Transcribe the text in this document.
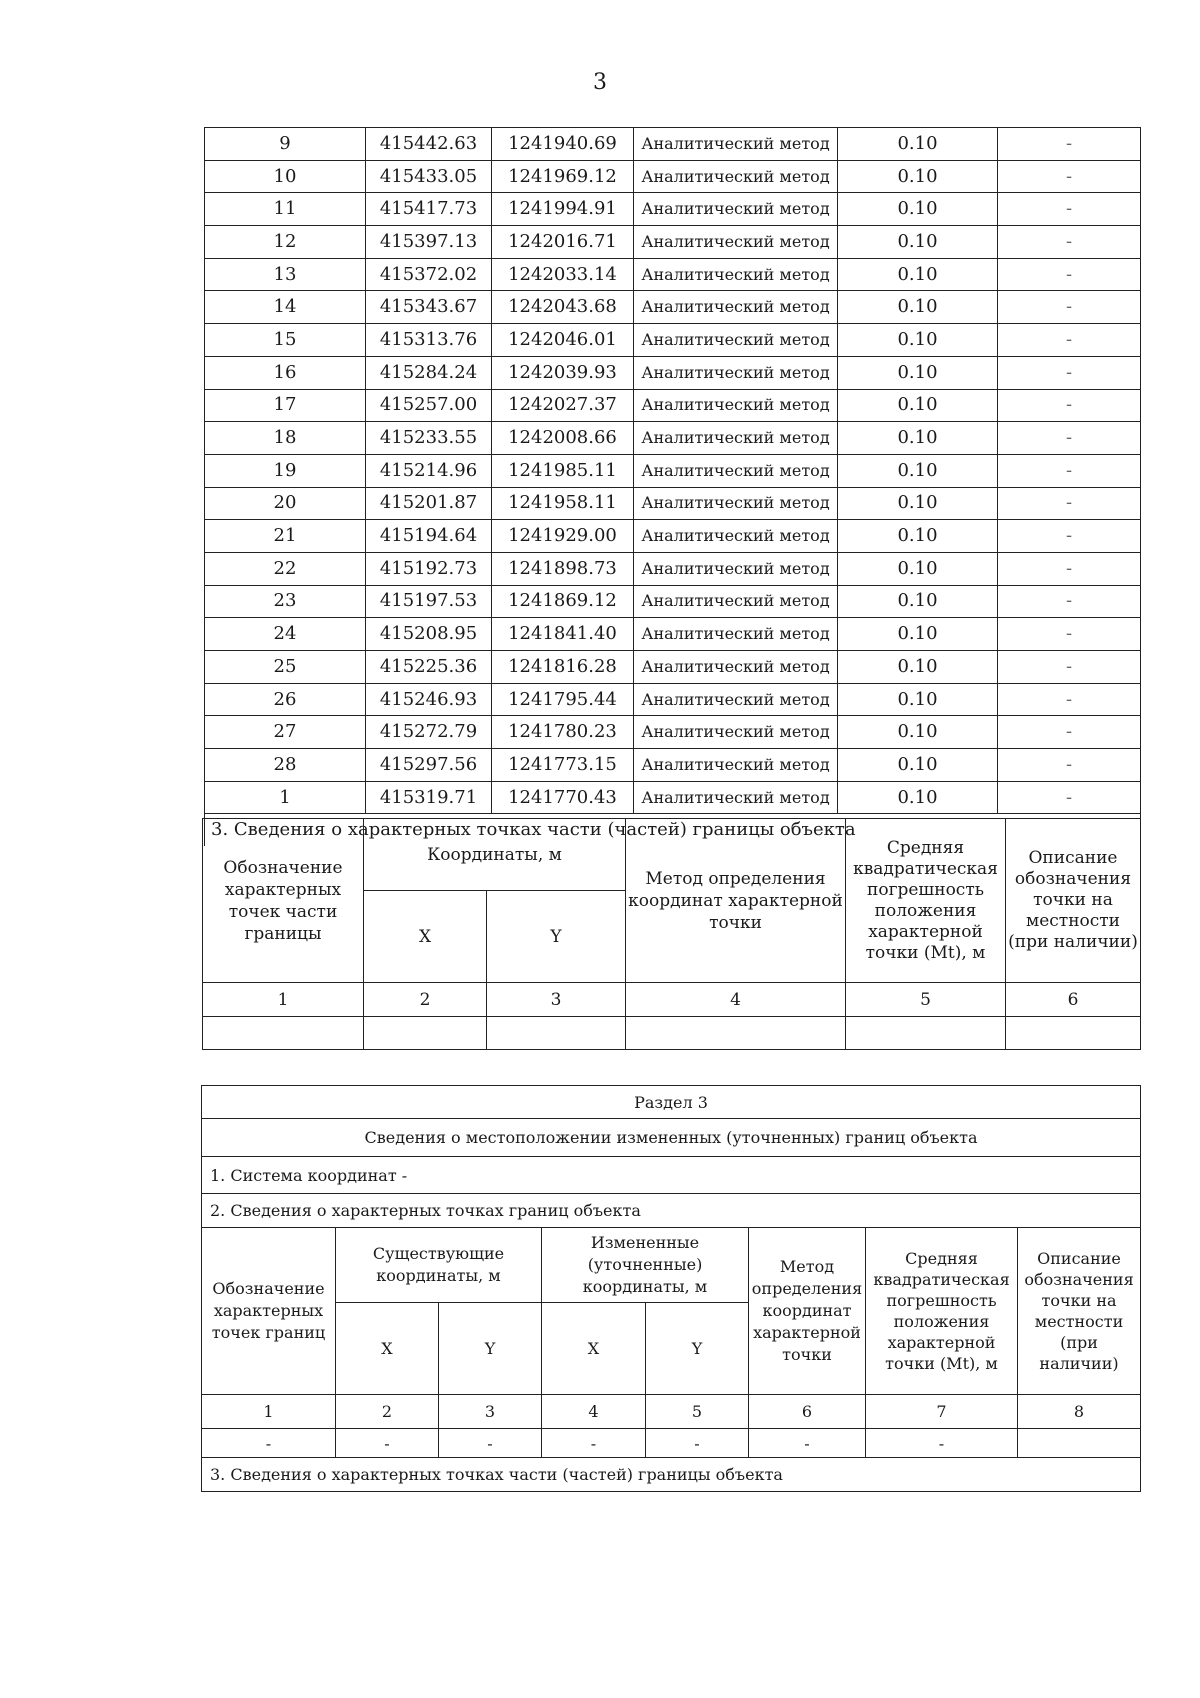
3
9	415442.63	1241940.69	Аналитический метод	0.10	-
10	415433.05	1241969.12	Аналитический метод	0.10	-
11	415417.73	1241994.91	Аналитический метод	0.10	-
12	415397.13	1242016.71	Аналитический метод	0.10	-
13	415372.02	1242033.14	Аналитический метод	0.10	-
14	415343.67	1242043.68	Аналитический метод	0.10	-
15	415313.76	1242046.01	Аналитический метод	0.10	-
16	415284.24	1242039.93	Аналитический метод	0.10	-
17	415257.00	1242027.37	Аналитический метод	0.10	-
18	415233.55	1242008.66	Аналитический метод	0.10	-
19	415214.96	1241985.11	Аналитический метод	0.10	-
20	415201.87	1241958.11	Аналитический метод	0.10	-
21	415194.64	1241929.00	Аналитический метод	0.10	-
22	415192.73	1241898.73	Аналитический метод	0.10	-
23	415197.53	1241869.12	Аналитический метод	0.10	-
24	415208.95	1241841.40	Аналитический метод	0.10	-
25	415225.36	1241816.28	Аналитический метод	0.10	-
26	415246.93	1241795.44	Аналитический метод	0.10	-
27	415272.79	1241780.23	Аналитический метод	0.10	-
28	415297.56	1241773.15	Аналитический метод	0.10	-
1	415319.71	1241770.43	Аналитический метод	0.10	-
3. Сведения о характерных точках части (частей) границы объекта					
Обозначение характерных точек части границы	Координаты, м		Метод определения координат характерной точки	Средняя квадратическая погрешность положения характерной точки (Mt), м	Описание обозначения точки на местности (при наличии)
	X	Y			
1	2	3	4	5	6

Раздел 3							
Сведения о местоположении измененных (уточненных) границ объекта							
1. Система координат -							
2. Сведения о характерных точках границ объекта							
Обозначение характерных точек границ	Существующие координаты, м		Измененные (уточненные) координаты, м		Метод определения координат характерной точки	Средняя квадратическая погрешность положения характерной точки (Mt), м	Описание обозначения точки на местности (при наличии)
	X	Y	X	Y			
1	2	3	4	5	6	7	8
-	-	-	-	-	-	-	
3. Сведения о характерных точках части (частей) границы объекта							
